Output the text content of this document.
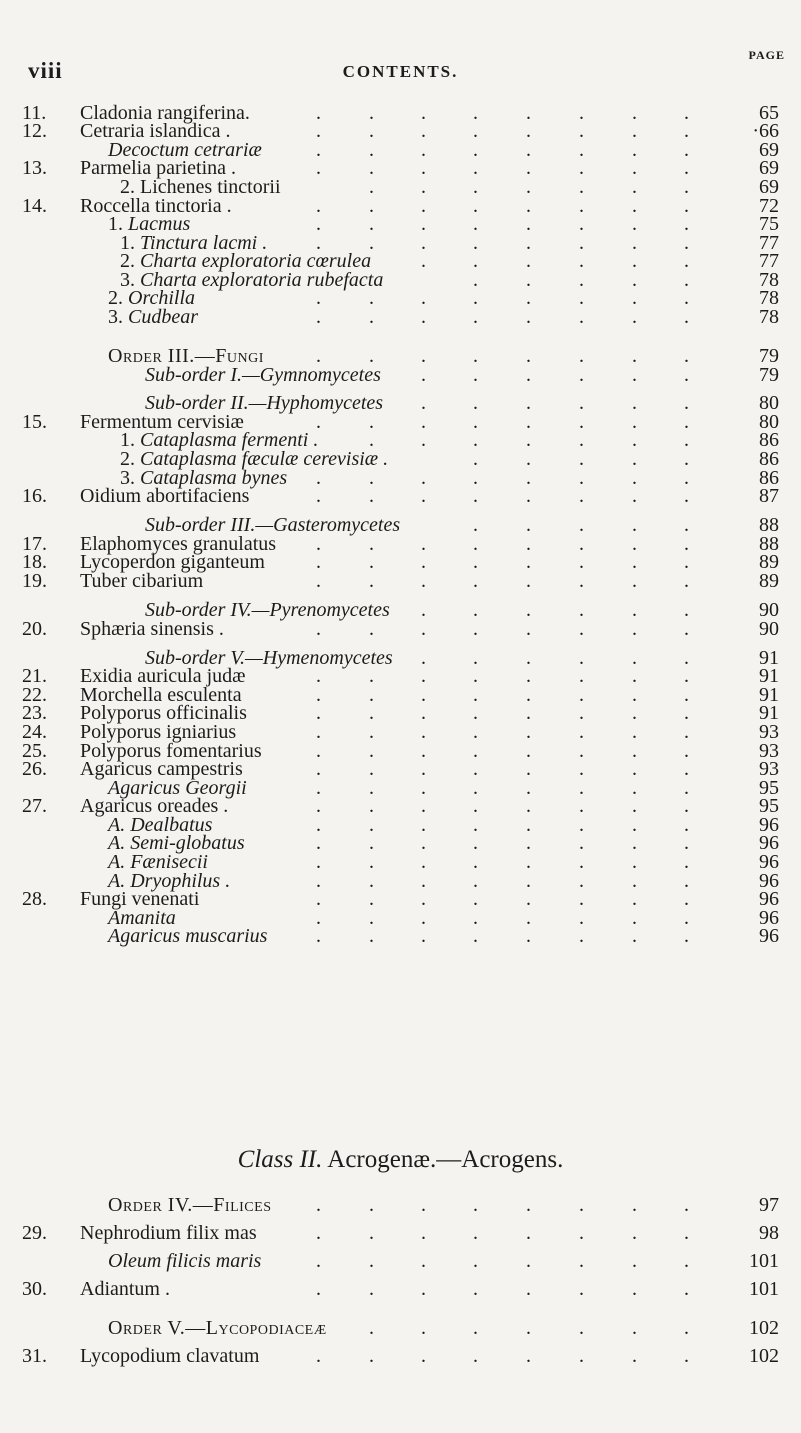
viii	CONTENTS.
PAGE
11.	Cladonia rangiferina.	. . . . . . . .	65
12.	Cetraria islandica .	. . . . . . . .	·66
Decoctum cetrariæ	. . . . . . . .	69
13.	Parmelia parietina .	. . . . . . . .	69
2. Lichenes tinctorii	. . . . . . .	69
14.	Roccella tinctoria .	. . . . . . . .	72
1. Lacmus	. . . . . . . .	75
1. Tinctura lacmi . . . . . . . . .	77
2. Charta exploratoria cœrulea . . . . . .	77
3. Charta exploratoria rubefacta	. . . . .	78
2. Orchilla	. . . . . . . .	78
3. Cudbear	. . . . . . . .	78
Order III.—Fungi	. . . . . . . .	79
Sub-order I.—Gymnomycetes . . . . . .	79
Sub-order II.—Hyphomycetes . . . . . .	80
15.	Fermentum cervisiæ	. . . . . . . .	80
1. Cataplasma fermenti .	. . . . . . .	86
2. Cataplasma fæculæ cerevisiæ .	. . . . .	86
3. Cataplasma bynes . . . . . . . .	86
16.	Oidium abortifaciens	. . . . . . . .	87
Sub-order III.—Gasteromycetes	. . . . .	88
17.	Elaphomyces granulatus . . . . . . . .	88
18.	Lycoperdon giganteum	. . . . . . . .	89
19.	Tuber cibarium	. . . . . . . .	89
Sub-order IV.—Pyrenomycetes . . . . . .	90
20.	Sphæria sinensis .	. . . . . . . .	90
Sub-order V.—Hymenomycetes . . . . . .	91
21.	Exidia auricula judæ	. . . . . . . .	91
22.	Morchella esculenta	. . . . . . . .	91
23.	Polyporus officinalis	. . . . . . . .	91
24.	Polyporus igniarius	. . . . . . . .	93
25.	Polyporus fomentarius	. . . . . . . .	93
26.	Agaricus campestris	. . . . . . . .	93
Agaricus Georgii	. . . . . . . .	95
27.	Agaricus oreades .	. . . . . . . .	95
A. Dealbatus	. . . . . . . .	96
A. Semi-globatus	. . . . . . . .	96
A. Fænisecii	. . . . . . . .	96
A. Dryophilus .	. . . . . . . .	96
28.	Fungi venenati	. . . . . . . .	96
Amanita	. . . . . . . .	96
Agaricus muscarius . . . . . . . .	96
Order IV.—Filices . . . . . . . .	97
29.	Nephrodium filix mas	. . . . . . . .	98
Oleum filicis maris	. . . . . . . .	101
30.	Adiantum .	. . . . . . . .	101
Order V.—Lycopodiaceæ . . . . . . .	102
31.	Lycopodium clavatum	. . . . . . . .	102
Class II. Acrogenæ.—Acrogens.
